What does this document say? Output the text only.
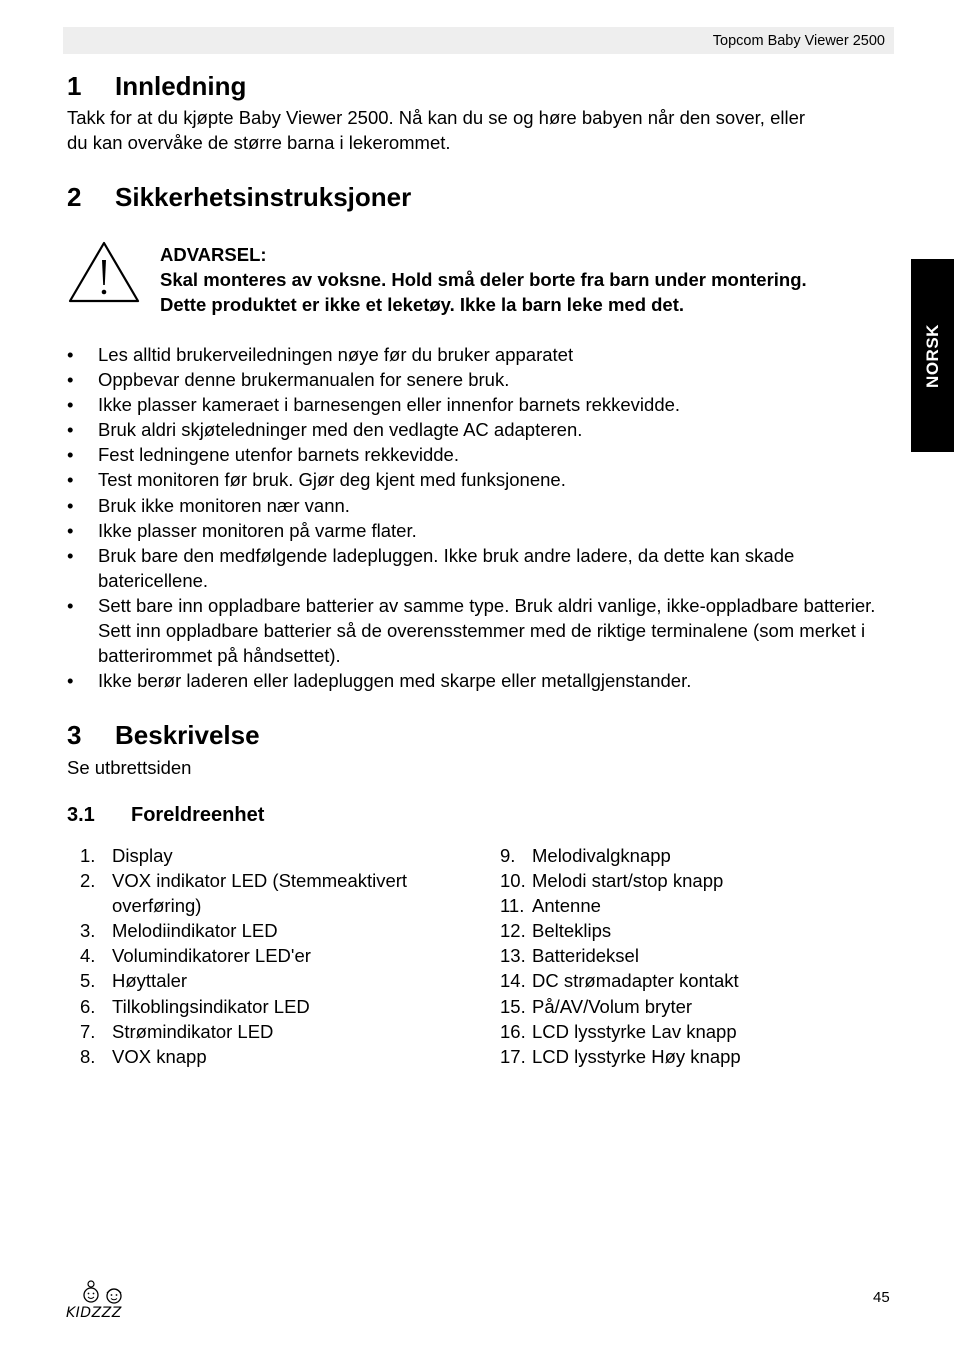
Topcom Baby Viewer 2500
NORSK
1 Innledning
Takk for at du kjøpte Baby Viewer 2500. Nå kan du se og høre babyen når den sover, eller
du kan overvåke de større barna i lekerommet.
2 Sikkerhetsinstruksjoner
ADVARSEL:
Skal monteres av voksne. Hold små deler borte fra barn under montering.
Dette produktet er ikke et leketøy. Ikke la barn leke med det.
• Les alltid brukerveiledningen nøye før du bruker apparatet
• Oppbevar denne brukermanualen for senere bruk.
• Ikke plasser kameraet i barnesengen eller innenfor barnets rekkevidde.
• Bruk aldri skjøteledninger med den vedlagte AC adapteren.
• Fest ledningene utenfor barnets rekkevidde.
• Test monitoren før bruk. Gjør deg kjent med funksjonene.
• Bruk ikke monitoren nær vann.
• Ikke plasser monitoren på varme flater.
• Bruk bare den medfølgende ladepluggen. Ikke bruk andre ladere, da dette kan skade batericellene.
• Sett bare inn oppladbare batterier av samme type. Bruk aldri vanlige, ikke-oppladbare batterier. Sett inn oppladbare batterier så de overensstemmer med de riktige terminalene (som merket i batterirommet på håndsettet).
• Ikke berør laderen eller ladepluggen med skarpe eller metallgjenstander.
3 Beskrivelse
Se utbrettsiden
3.1 Foreldreenhet
1. Display
2. VOX indikator LED (Stemmeaktivert overføring)
3. Melodiindikator LED
4. Volumindikatorer LED'er
5. Høyttaler
6. Tilkoblingsindikator LED
7. Strømindikator LED
8. VOX knapp
9. Melodivalgknapp
10. Melodi start/stop knapp
11. Antenne
12. Belteklips
13. Batterideksel
14. DC strømadapter kontakt
15. På/AV/Volum bryter
16. LCD lysstyrke Lav knapp
17. LCD lysstyrke Høy knapp
KIDZZZ
45
